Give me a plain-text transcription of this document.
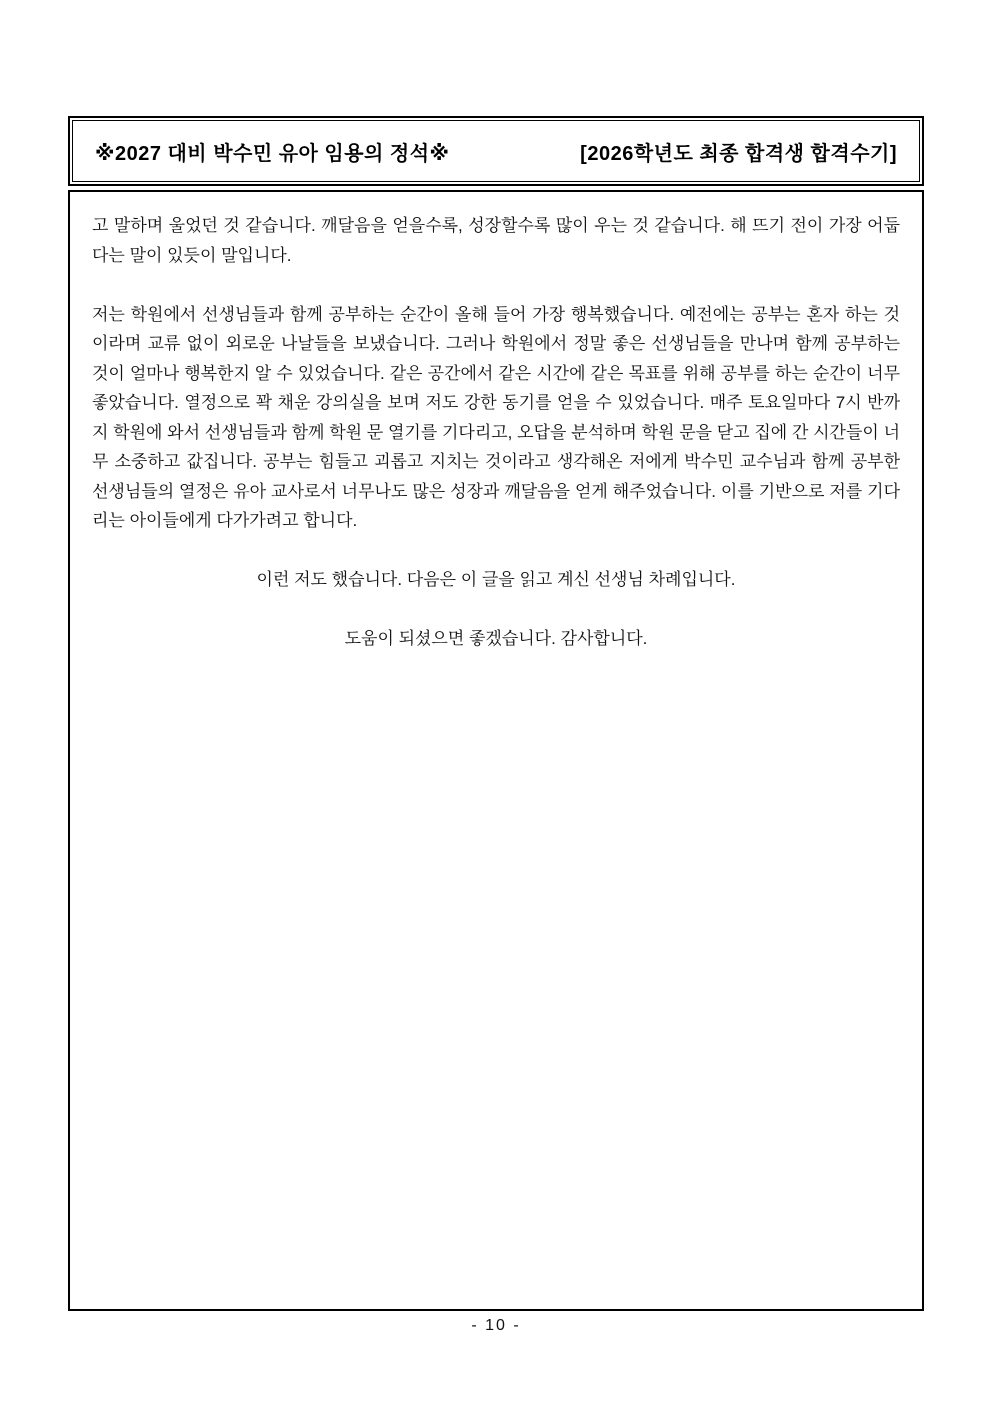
※2027 대비 박수민 유아 임용의 정석※	[2026학년도 최종 합격생 합격수기]

고 말하며 울었던 것 같습니다. 깨달음을 얻을수록, 성장할수록 많이 우는 것 같습니다. 해 뜨기 전이 가장 어둡다는 말이 있듯이 말입니다.

저는 학원에서 선생님들과 함께 공부하는 순간이 올해 들어 가장 행복했습니다. 예전에는 공부는 혼자 하는 것이라며 교류 없이 외로운 나날들을 보냈습니다. 그러나 학원에서 정말 좋은 선생님들을 만나며 함께 공부하는 것이 얼마나 행복한지 알 수 있었습니다. 같은 공간에서 같은 시간에 같은 목표를 위해 공부를 하는 순간이 너무 좋았습니다. 열정으로 꽉 채운 강의실을 보며 저도 강한 동기를 얻을 수 있었습니다. 매주 토요일마다 7시 반까지 학원에 와서 선생님들과 함께 학원 문 열기를 기다리고, 오답을 분석하며 학원 문을 닫고 집에 간 시간들이 너무 소중하고 값집니다. 공부는 힘들고 괴롭고 지치는 것이라고 생각해온 저에게 박수민 교수님과 함께 공부한 선생님들의 열정은 유아 교사로서 너무나도 많은 성장과 깨달음을 얻게 해주었습니다. 이를 기반으로 저를 기다리는 아이들에게 다가가려고 합니다.

이런 저도 했습니다. 다음은 이 글을 읽고 계신 선생님 차례입니다.

도움이 되셨으면 좋겠습니다. 감사합니다.

- 10 -
